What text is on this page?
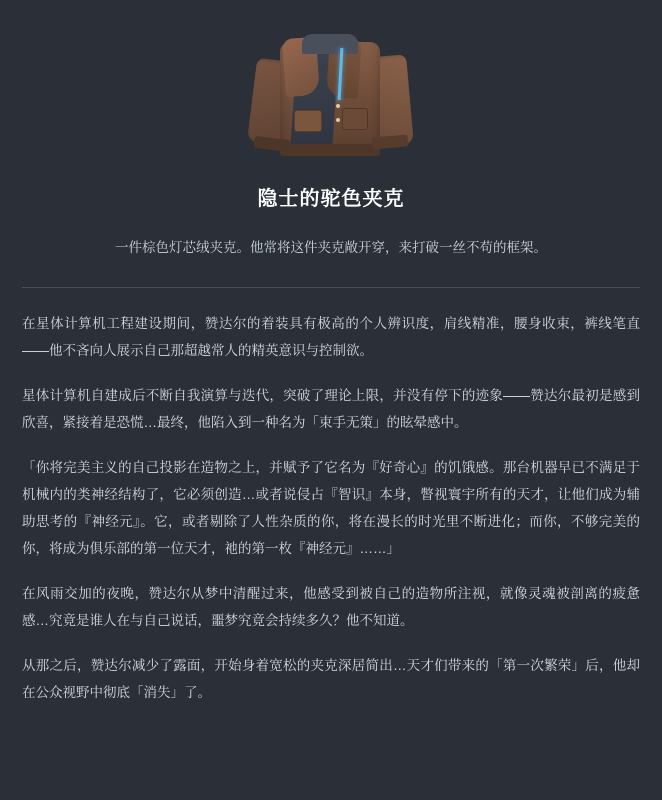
隐士的驼色夹克

一件棕色灯芯绒夹克。他常将这件夹克敞开穿，来打破一丝不苟的框架。

在星体计算机工程建设期间，赞达尔的着装具有极高的个人辨识度，肩线精准，腰身收束，裤线笔直——他不吝向人展示自己那超越常人的精英意识与控制欲。

星体计算机自建成后不断自我演算与迭代，突破了理论上限，并没有停下的迹象——赞达尔最初是感到欣喜，紧接着是恐慌…最终，他陷入到一种名为「束手无策」的眩晕感中。

「你将完美主义的自己投影在造物之上，并赋予了它名为『好奇心』的饥饿感。那台机器早已不满足于机械内的类神经结构了，它必须创造…或者说侵占『智识』本身，瞥视寰宇所有的天才，让他们成为辅助思考的『神经元』。它，或者剔除了人性杂质的你，将在漫长的时光里不断进化；而你，不够完美的你，将成为俱乐部的第一位天才，祂的第一枚『神经元』……」

在风雨交加的夜晚，赞达尔从梦中清醒过来，他感受到被自己的造物所注视，就像灵魂被剖离的疲惫感…究竟是谁人在与自己说话，噩梦究竟会持续多久？他不知道。

从那之后，赞达尔减少了露面，开始身着宽松的夹克深居简出…天才们带来的「第一次繁荣」后，他却在公众视野中彻底「消失」了。
